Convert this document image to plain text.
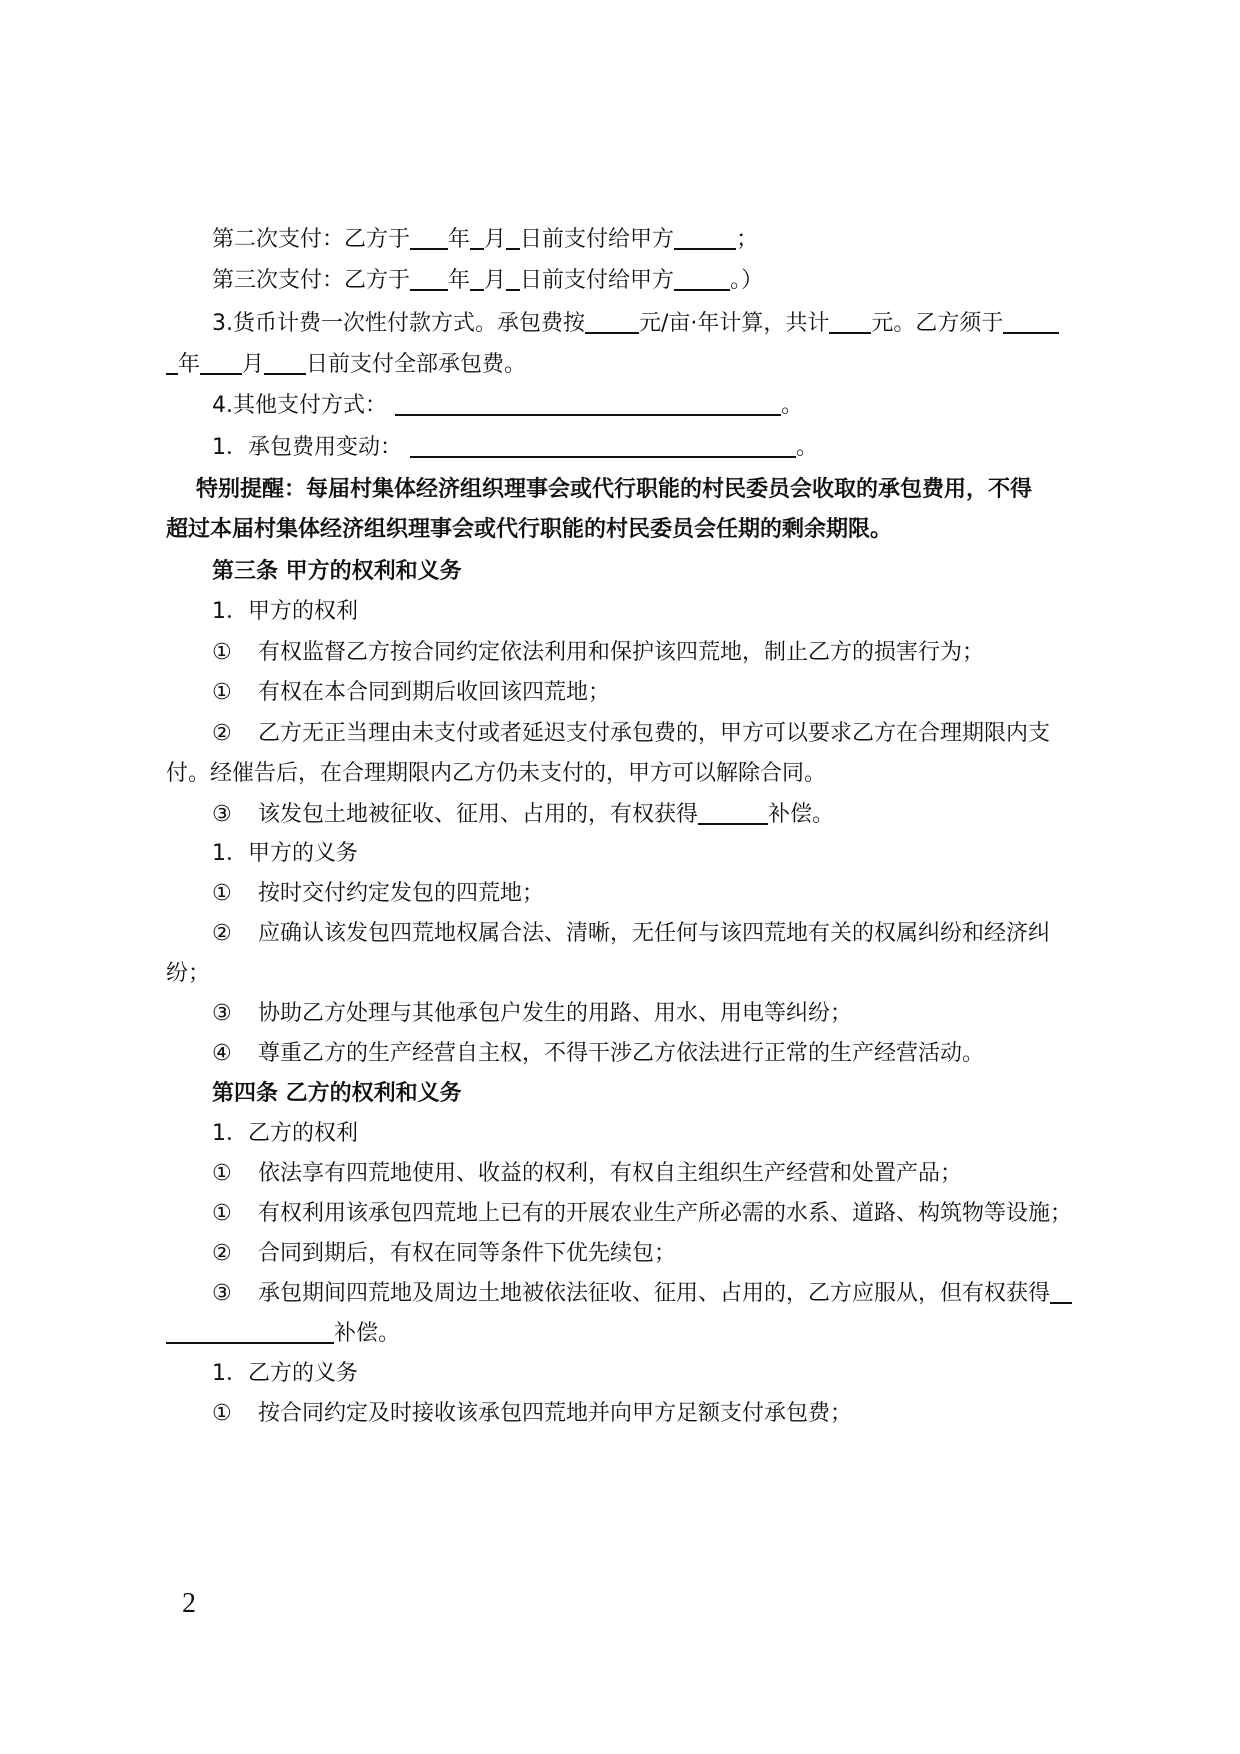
第二次支付：乙方于 年 月 日前支付给甲方	；
第三次支付：乙方于 年 月 日前支付给甲方	。）
3.货币计费一次性付款方式。承包费按 元/亩·年计算，共计 元。乙方须于
年 月 日前支付全部承包费。
4.其他支付方式：	。
1．承包费用变动：	。
特别提醒：每届村集体经济组织理事会或代行职能的村民委员会收取的承包费用，不得
超过本届村集体经济组织理事会或代行职能的村民委员会任期的剩余期限。
第三条 甲方的权利和义务
1．甲方的权利
① 有权监督乙方按合同约定依法利用和保护该四荒地，制止乙方的损害行为；
① 有权在本合同到期后收回该四荒地；
② 乙方无正当理由未支付或者延迟支付承包费的，甲方可以要求乙方在合理期限内支
付。经催告后，在合理期限内乙方仍未支付的，甲方可以解除合同。
③ 该发包土地被征收、征用、占用的，有权获得	补偿。
1．甲方的义务
① 按时交付约定发包的四荒地；
② 应确认该发包四荒地权属合法、清晰，无任何与该四荒地有关的权属纠纷和经济纠
纷；
③ 协助乙方处理与其他承包户发生的用路、用水、用电等纠纷；
④ 尊重乙方的生产经营自主权，不得干涉乙方依法进行正常的生产经营活动。
第四条 乙方的权利和义务
1．乙方的权利
① 依法享有四荒地使用、收益的权利，有权自主组织生产经营和处置产品；
① 有权利用该承包四荒地上已有的开展农业生产所必需的水系、道路、构筑物等设施；
② 合同到期后，有权在同等条件下优先续包；
③ 承包期间四荒地及周边土地被依法征收、征用、占用的，乙方应服从，但有权获得
补偿。
1．乙方的义务
① 按合同约定及时接收该承包四荒地并向甲方足额支付承包费；
2
